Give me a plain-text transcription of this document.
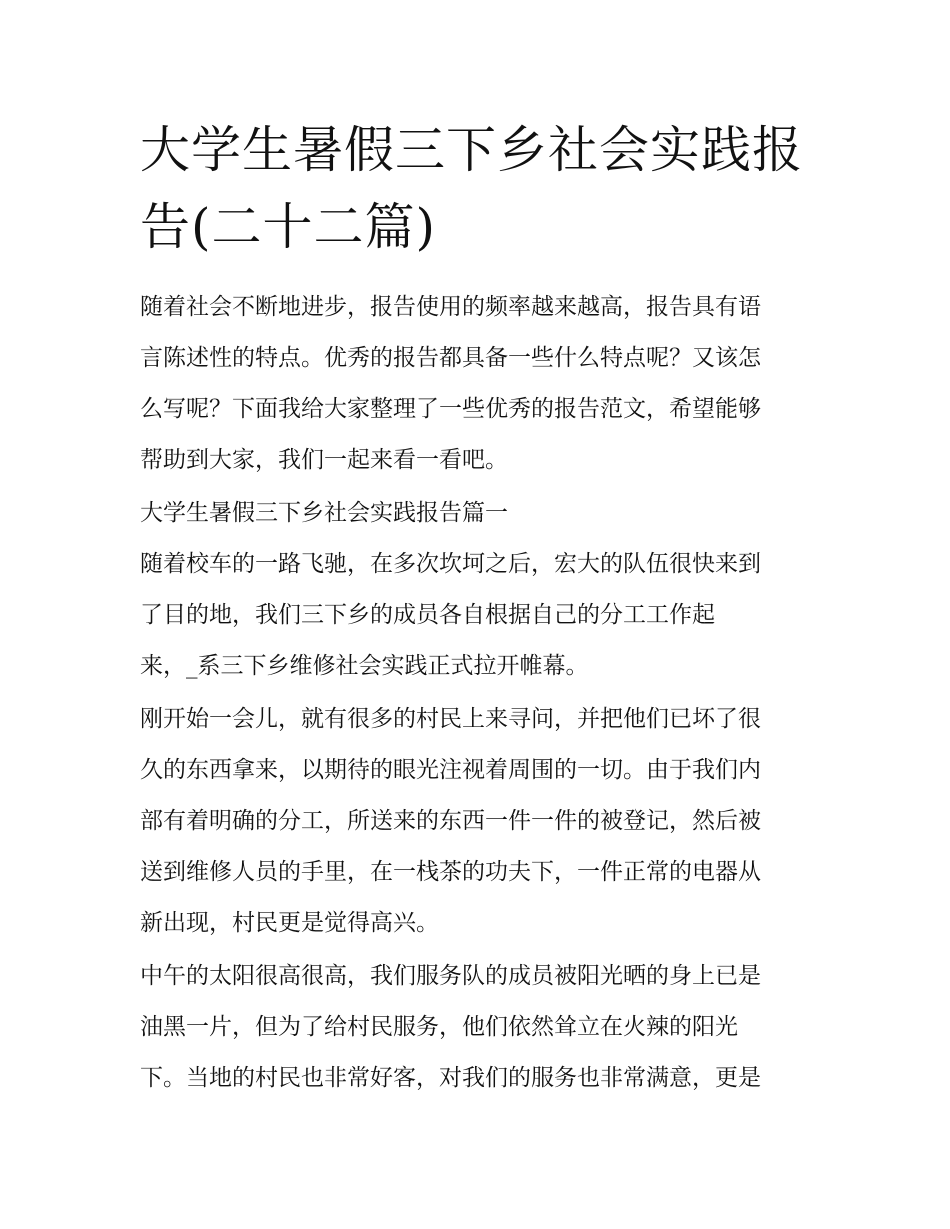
大学生暑假三下乡社会实践报
告(二十二篇)

随着社会不断地进步，报告使用的频率越来越高，报告具有语
言陈述性的特点。优秀的报告都具备一些什么特点呢？又该怎
么写呢？下面我给大家整理了一些优秀的报告范文，希望能够
帮助到大家，我们一起来看一看吧。

大学生暑假三下乡社会实践报告篇一

随着校车的一路飞驰，在多次坎坷之后，宏大的队伍很快来到
了目的地，我们三下乡的成员各自根据自己的分工工作起
来，_系三下乡维修社会实践正式拉开帷幕。

刚开始一会儿，就有很多的村民上来寻问，并把他们已坏了很
久的东西拿来，以期待的眼光注视着周围的一切。由于我们内
部有着明确的分工，所送来的东西一件一件的被登记，然后被
送到维修人员的手里，在一栈茶的功夫下，一件正常的电器从
新出现，村民更是觉得高兴。

中午的太阳很高很高，我们服务队的成员被阳光晒的身上已是
油黑一片，但为了给村民服务，他们依然耸立在火辣的阳光
下。当地的村民也非常好客，对我们的服务也非常满意，更是
